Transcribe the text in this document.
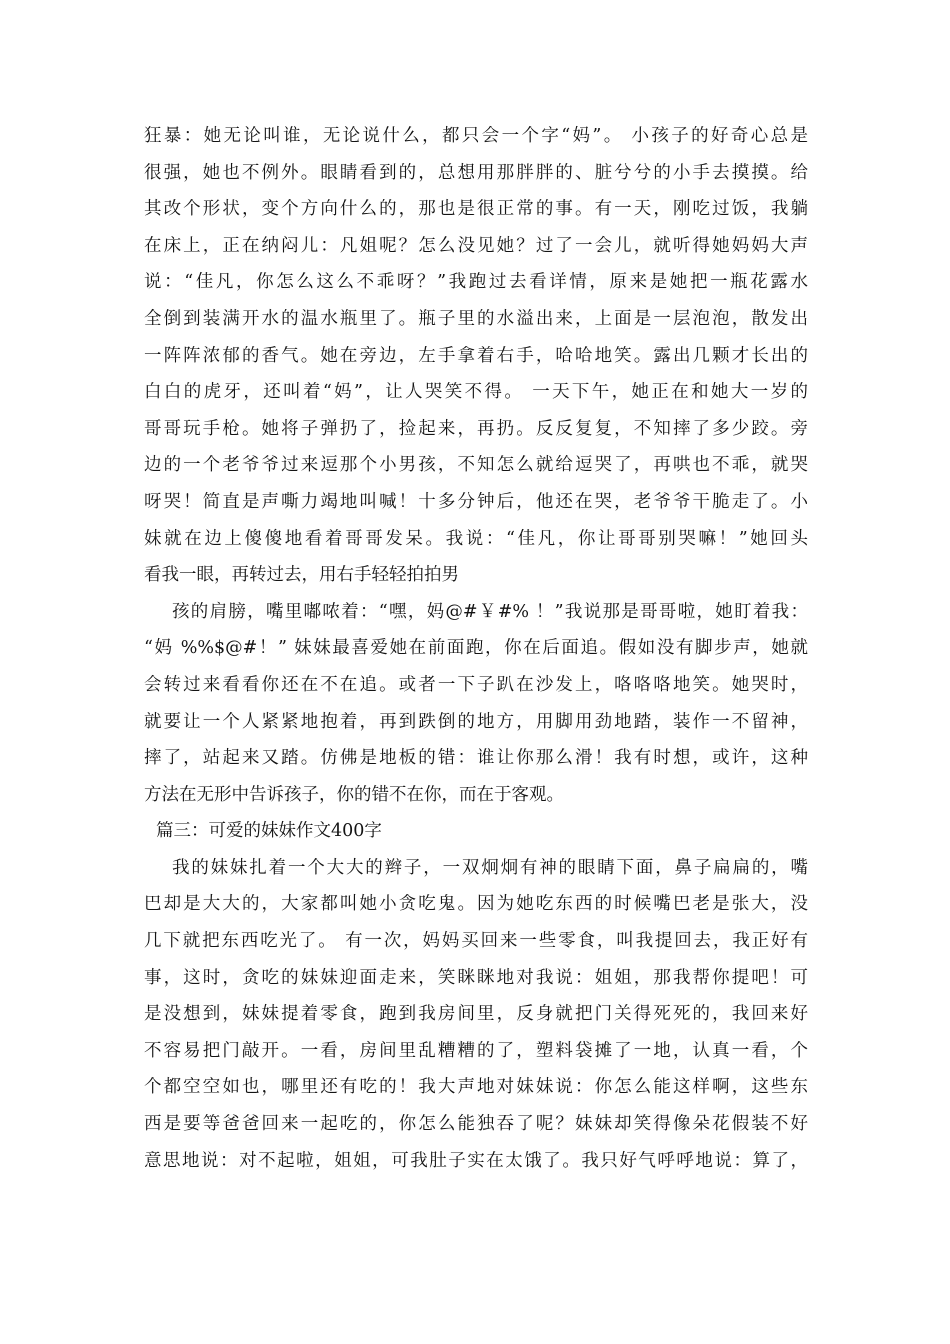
狂暴：她无论叫谁，无论说什么，都只会一个字“妈”。 小孩子的好奇心总是
很强，她也不例外。眼睛看到的，总想用那胖胖的、脏兮兮的小手去摸摸。给
其改个形状，变个方向什么的，那也是很正常的事。有一天，刚吃过饭，我躺
在床上，正在纳闷儿：凡姐呢？怎么没见她？过了一会儿，就听得她妈妈大声
说：“佳凡，你怎么这么不乖呀？”我跑过去看详情，原来是她把一瓶花露水
全倒到装满开水的温水瓶里了。瓶子里的水溢出来，上面是一层泡泡，散发出
一阵阵浓郁的香气。她在旁边，左手拿着右手，哈哈地笑。露出几颗才长出的
白白的虎牙，还叫着“妈”，让人哭笑不得。 一天下午，她正在和她大一岁的
哥哥玩手枪。她将子弹扔了，捡起来，再扔。反反复复，不知摔了多少跤。旁
边的一个老爷爷过来逗那个小男孩，不知怎么就给逗哭了，再哄也不乖，就哭
呀哭！简直是声嘶力竭地叫喊！十多分钟后，他还在哭，老爷爷干脆走了。小
妹就在边上傻傻地看着哥哥发呆。我说：“佳凡，你让哥哥别哭嘛！”她回头
看我一眼，再转过去，用右手轻轻拍拍男
孩的肩膀，嘴里嘟哝着：“嘿，妈@#￥#% ！”我说那是哥哥啦，她盯着我：
“妈 %%$@#！” 妹妹最喜爱她在前面跑，你在后面追。假如没有脚步声，她就
会转过来看看你还在不在追。或者一下子趴在沙发上，咯咯咯地笑。她哭时，
就要让一个人紧紧地抱着，再到跌倒的地方，用脚用劲地踏，装作一不留神，
摔了，站起来又踏。仿佛是地板的错：谁让你那么滑！我有时想，或许，这种
方法在无形中告诉孩子，你的错不在你，而在于客观。
篇三：可爱的妹妹作文400字
我的妹妹扎着一个大大的辫子，一双炯炯有神的眼睛下面，鼻子扁扁的，嘴
巴却是大大的，大家都叫她小贪吃鬼。因为她吃东西的时候嘴巴老是张大，没
几下就把东西吃光了。 有一次，妈妈买回来一些零食，叫我提回去，我正好有
事，这时，贪吃的妹妹迎面走来，笑眯眯地对我说：姐姐，那我帮你提吧！可
是没想到，妹妹提着零食，跑到我房间里，反身就把门关得死死的，我回来好
不容易把门敲开。一看，房间里乱糟糟的了，塑料袋摊了一地，认真一看，个
个都空空如也，哪里还有吃的！我大声地对妹妹说：你怎么能这样啊，这些东
西是要等爸爸回来一起吃的，你怎么能独吞了呢？妹妹却笑得像朵花假装不好
意思地说：对不起啦，姐姐，可我肚子实在太饿了。我只好气呼呼地说：算了，
